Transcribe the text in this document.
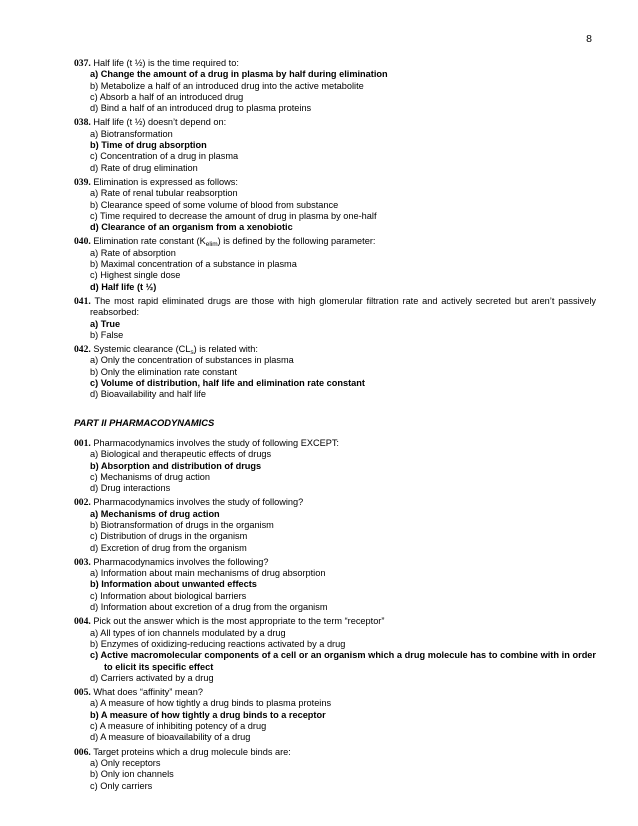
8
037. Half life (t ½) is the time required to:
a) Change the amount of a drug in plasma by half during elimination
b) Metabolize a half of an introduced drug into the active metabolite
c) Absorb a half of an introduced drug
d) Bind a half of an introduced drug to plasma proteins
038. Half life (t ½) doesn’t depend on:
a) Biotransformation
b) Time of drug absorption
c) Concentration of a drug in plasma
d) Rate of drug elimination
039. Elimination is expressed as follows:
a) Rate of renal tubular reabsorption
b) Clearance speed of some volume of blood from substance
c) Time required to decrease the amount of drug in plasma by one-half
d) Clearance of an organism from a xenobiotic
040. Elimination rate constant $(K_{elim})$ is defined by the following parameter:
a) Rate of absorption
b) Maximal concentration of a substance in plasma
c) Highest single dose
d) Half life (t ½)
041. The most rapid eliminated drugs are those with high glomerular filtration rate and actively secreted but aren’t passively reabsorbed:
a) True
b) False
042. Systemic clearance $(CL_s)$ is related with:
a) Only the concentration of substances in plasma
b) Only the elimination rate constant
c) Volume of distribution, half life and elimination rate constant
d) Bioavailability and half life
PART II PHARMACODYNAMICS
001. Pharmacodynamics involves the study of following EXCEPT:
a) Biological and therapeutic effects of drugs
b) Absorption and distribution of drugs
c) Mechanisms of drug action
d) Drug interactions
002. Pharmacodynamics involves the study of following?
a) Mechanisms of drug action
b) Biotransformation of drugs in the organism
c) Distribution of drugs in the organism
d) Excretion of drug from the organism
003. Pharmacodynamics involves the following?
a) Information about main mechanisms of drug absorption
b) Information about unwanted effects
c) Information about biological barriers
d) Information about excretion of a drug from the organism
004. Pick out the answer which is the most appropriate to the term “receptor”
a) All types of ion channels modulated by a drug
b) Enzymes of oxidizing-reducing reactions activated by a drug
c) Active macromolecular components of a cell or an organism which a drug molecule has to combine with in order to elicit its specific effect
d) Carriers activated by a drug
005. What does “affinity” mean?
a) A measure of how tightly a drug binds to plasma proteins
b) A measure of how tightly a drug binds to a receptor
c) A measure of inhibiting potency of a drug
d) A measure of bioavailability of a drug
006. Target proteins which a drug molecule binds are:
a) Only receptors
b) Only ion channels
c) Only carriers
